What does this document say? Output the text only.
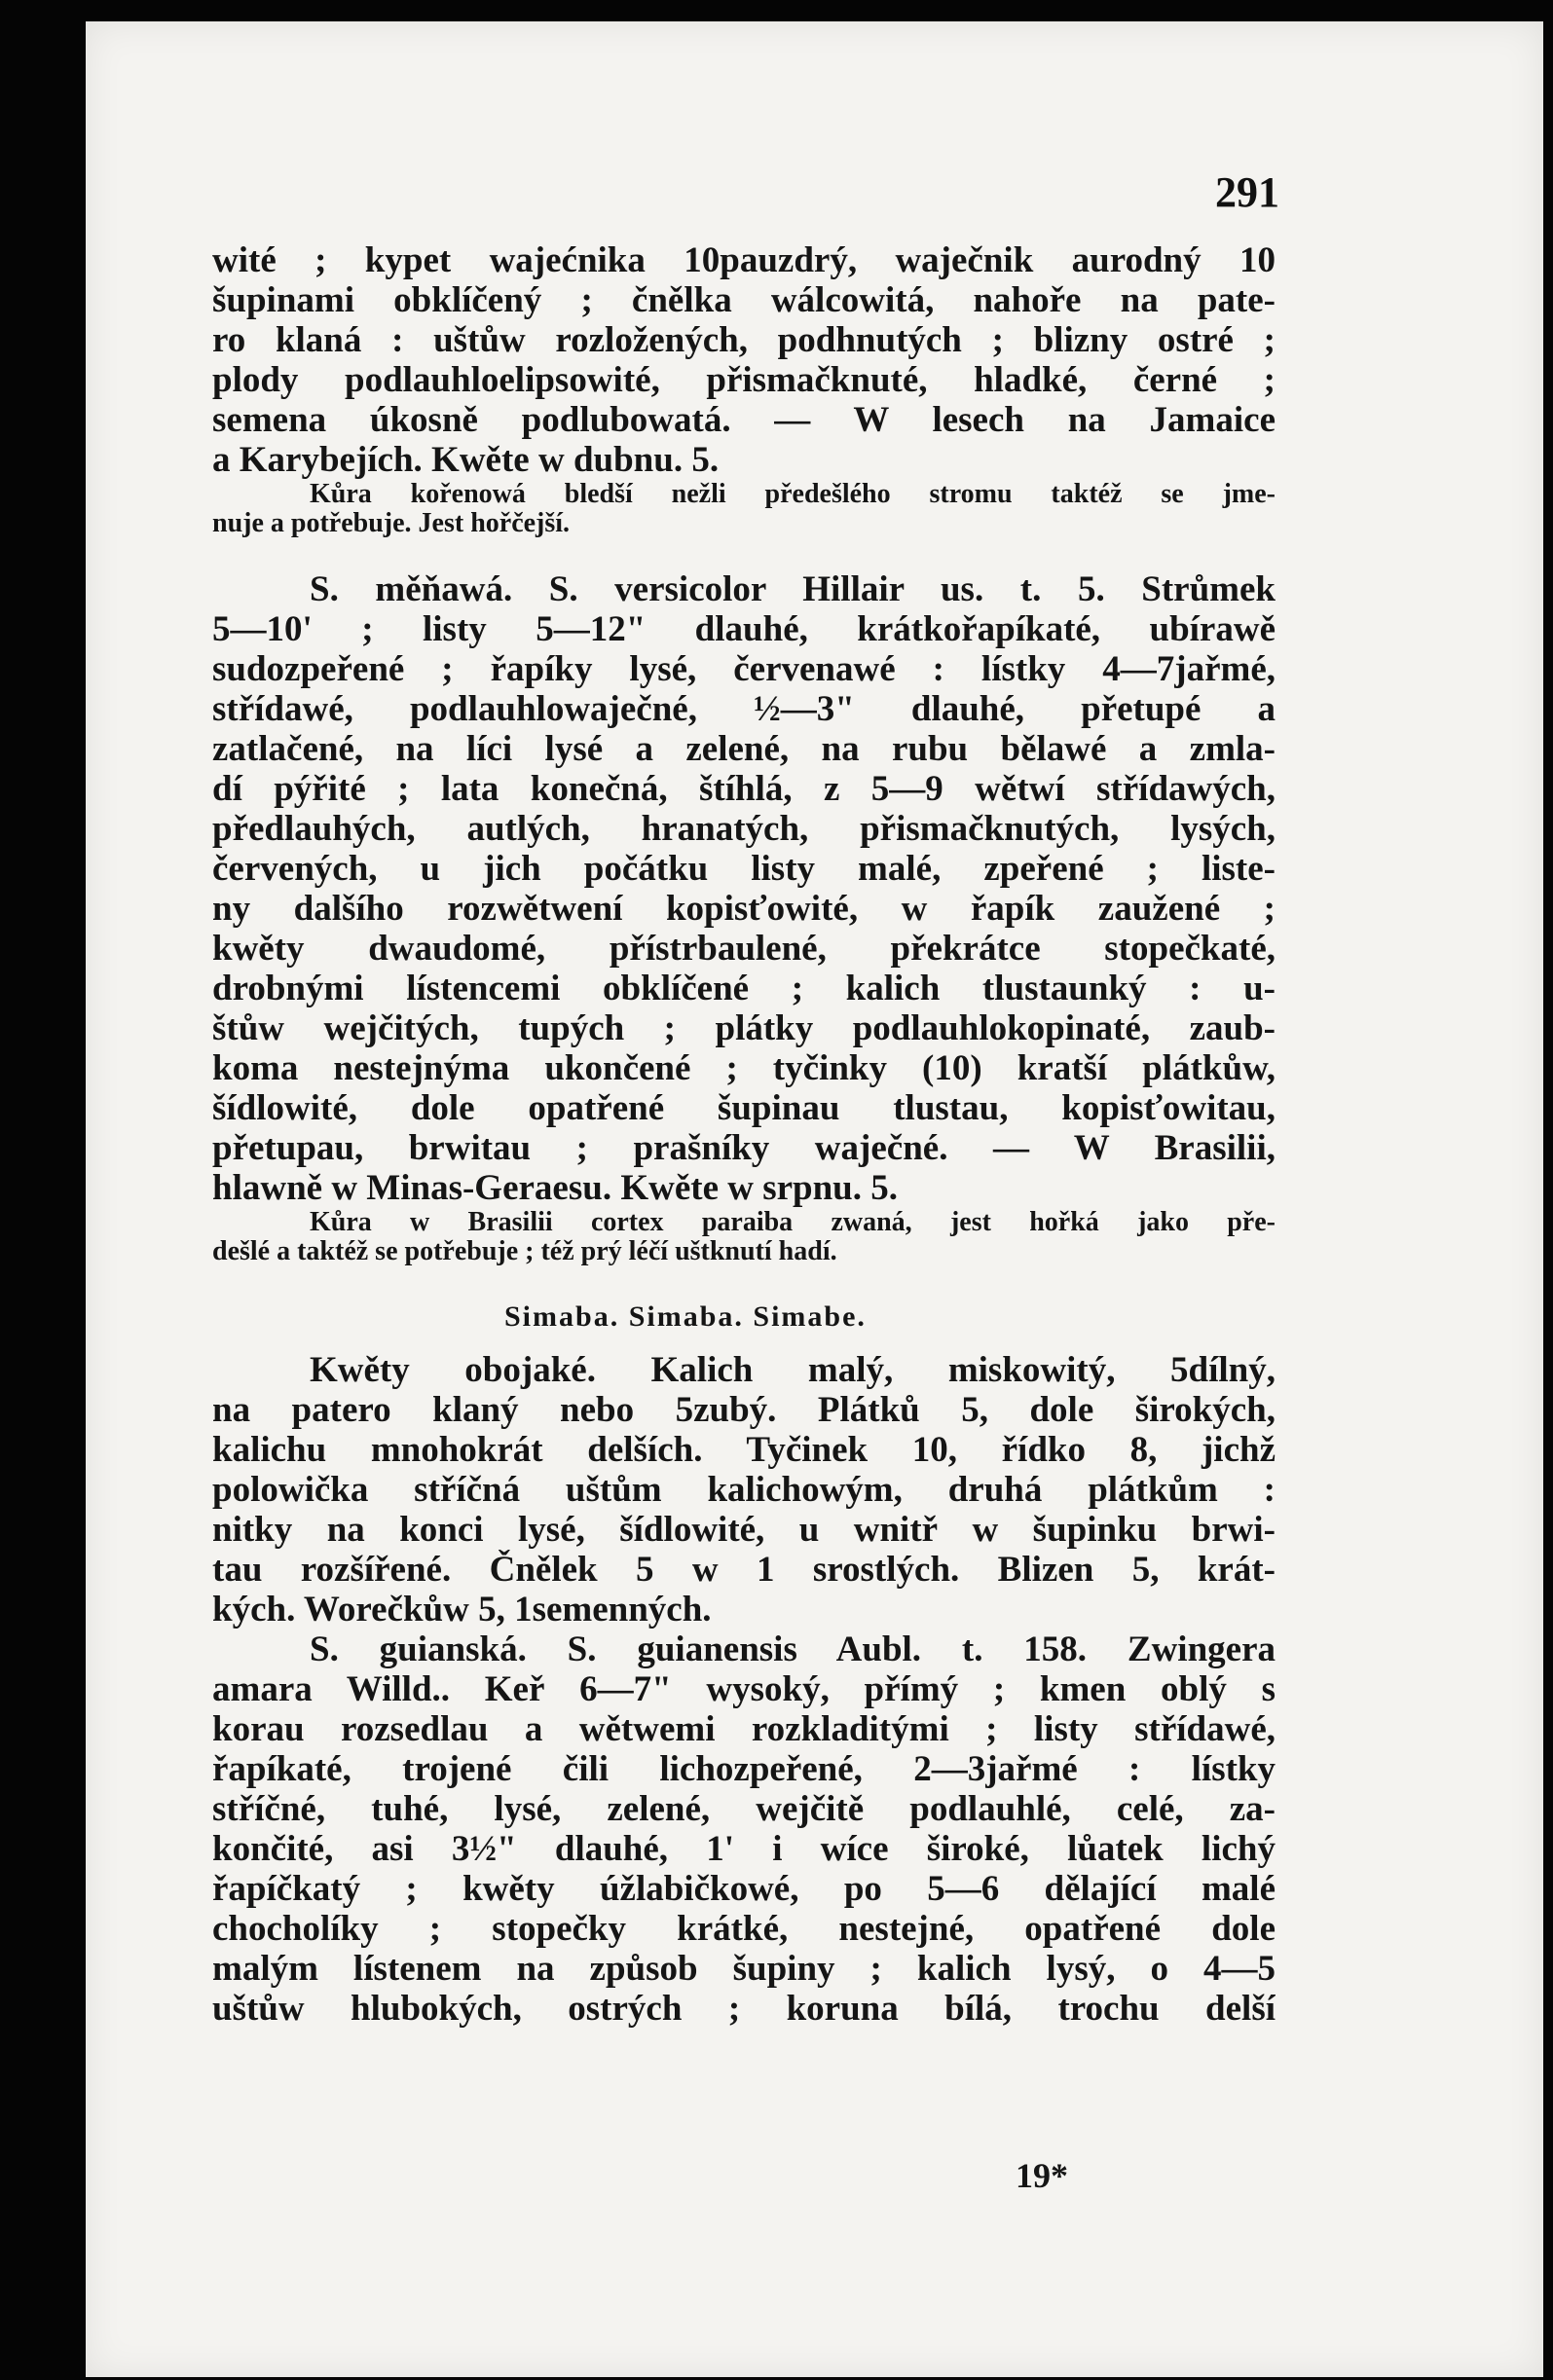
291
wité ; kypet wajećnika 10pauzdrý, waječnik aurodný 10
šupinami obklíčený ; čnělka wálcowitá, nahoře na pate-
ro klaná : uštůw rozložených, podhnutých ; blizny ostré ;
plody podlauhloelipsowité, přismačknuté, hladké, černé ;
semena úkosně podlubowatá. — W lesech na Jamaice
a Karybejích. Kwěte w dubnu. 5.
Kůra kořenowá bledší nežli předešlého stromu taktéž se jme-
nuje a potřebuje. Jest hořčejší.
S. měňawá. S. versicolor Hillair us. t. 5. Strůmek
5—10' ; listy 5—12" dlauhé, krátkořapíkaté, ubírawě
sudozpeřené ; řapíky lysé, červenawé : lístky 4—7jařmé,
střídawé, podlauhlowaječné, ½—3" dlauhé, přetupé a
zatlačené, na líci lysé a zelené, na rubu bělawé a zmla-
dí pýřité ; lata konečná, štíhlá, z 5—9 wětwí střídawých,
předlauhých, autlých, hranatých, přismačknutých, lysých,
červených, u jich počátku listy malé, zpeřené ; liste-
ny dalšího rozwětwení kopisťowité, w řapík zaužené ;
kwěty dwaudomé, přístrbaulené, překrátce stopečkaté,
drobnými lístencemi obklíčené ; kalich tlustaunký : u-
štůw wejčitých, tupých ; plátky podlauhlokopinaté, zaub-
koma nestejnýma ukončené ; tyčinky (10) kratší plátkůw,
šídlowité, dole opatřené šupinau tlustau, kopisťowitau,
přetupau, brwitau ; prašníky waječné. — W Brasilii,
hlawně w Minas-Geraesu. Kwěte w srpnu. 5.
Kůra w Brasilii cortex paraiba zwaná, jest hořká jako pře-
dešlé a taktéž se potřebuje ; též prý léčí uštknutí hadí.
Simaba. Simaba. Simabe.
Kwěty obojaké. Kalich malý, miskowitý, 5dílný,
na patero klaný nebo 5zubý. Plátků 5, dole širokých,
kalichu mnohokrát delších. Tyčinek 10, řídko 8, jichž
polowička stříčná uštům kalichowým, druhá plátkům :
nitky na konci lysé, šídlowité, u wnitř w šupinku brwi-
tau rozšířené. Čnělek 5 w 1 srostlých. Blizen 5, krát-
kých. Worečkůw 5, 1semenných.
S. guianská. S. guianensis Aubl. t. 158. Zwingera
amara Willd.. Keř 6—7" wysoký, přímý ; kmen oblý s
korau rozsedlau a wětwemi rozkladitými ; listy střídawé,
řapíkaté, trojené čili lichozpeřené, 2—3jařmé : lístky
stříčné, tuhé, lysé, zelené, wejčitě podlauhlé, celé, za-
končité, asi 3½" dlauhé, 1' i wíce široké, lůatek lichý
řapíčkatý ; kwěty úžlabičkowé, po 5—6 dělající malé
chocholíky ; stopečky krátké, nestejné, opatřené dole
malým lístenem na způsob šupiny ; kalich lysý, o 4—5
uštůw hlubokých, ostrých ; koruna bílá, trochu delší
19*
